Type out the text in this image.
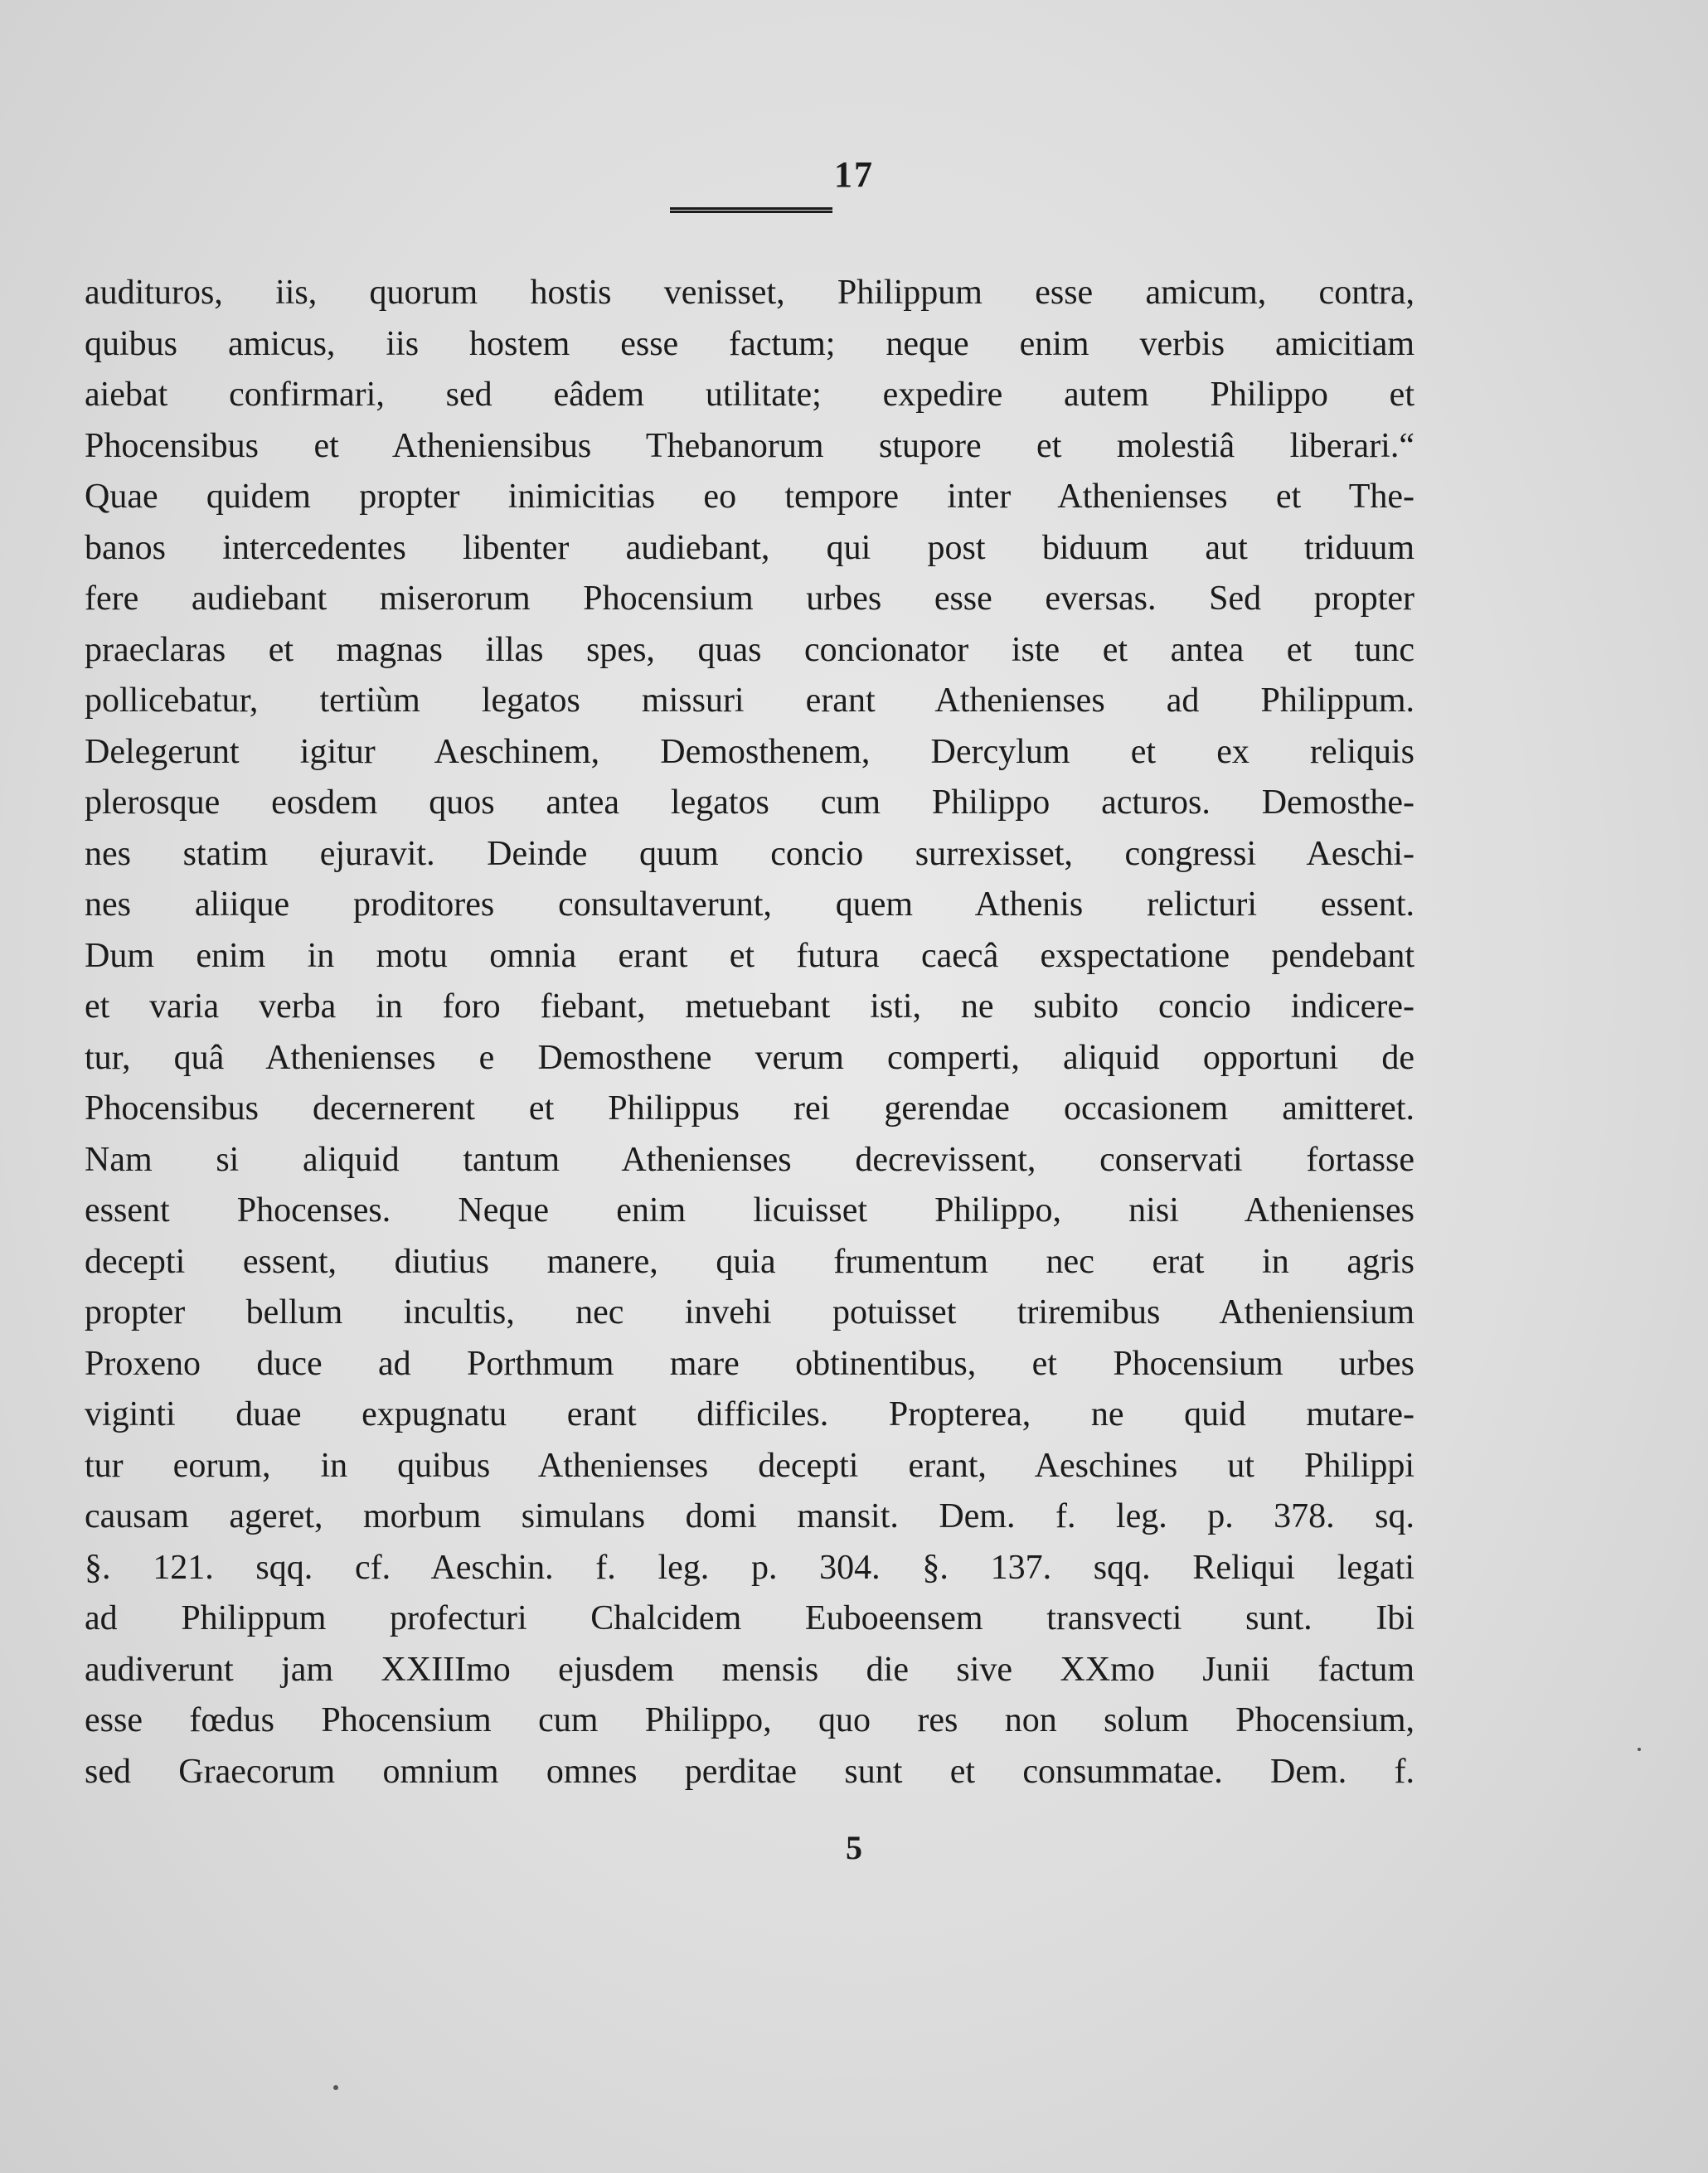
17
audituros, iis, quorum hostis venisset, Philippum esse amicum, contra,
quibus amicus, iis hostem esse factum; neque enim verbis amicitiam
aiebat confirmari, sed eâdem utilitate; expedire autem Philippo et
Phocensibus et Atheniensibus Thebanorum stupore et molestiâ liberari.“
Quae quidem propter inimicitias eo tempore inter Athenienses et The-
banos intercedentes libenter audiebant, qui post biduum aut triduum
fere audiebant miserorum Phocensium urbes esse eversas. Sed propter
praeclaras et magnas illas spes, quas concionator iste et antea et tunc
pollicebatur, tertiùm legatos missuri erant Athenienses ad Philippum.
Delegerunt igitur Aeschinem, Demosthenem, Dercylum et ex reliquis
plerosque eosdem quos antea legatos cum Philippo acturos. Demosthe-
nes statim ejuravit. Deinde quum concio surrexisset, congressi Aeschi-
nes aliique proditores consultaverunt, quem Athenis relicturi essent.
Dum enim in motu omnia erant et futura caecâ exspectatione pendebant
et varia verba in foro fiebant, metuebant isti, ne subito concio indicere-
tur, quâ Athenienses e Demosthene verum comperti, aliquid opportuni de
Phocensibus decernerent et Philippus rei gerendae occasionem amitteret.
Nam si aliquid tantum Athenienses decrevissent, conservati fortasse
essent Phocenses. Neque enim licuisset Philippo, nisi Athenienses
decepti essent, diutius manere, quia frumentum nec erat in agris
propter bellum incultis, nec invehi potuisset triremibus Atheniensium
Proxeno duce ad Porthmum mare obtinentibus, et Phocensium urbes
viginti duae expugnatu erant difficiles. Propterea, ne quid mutare-
tur eorum, in quibus Athenienses decepti erant, Aeschines ut Philippi
causam ageret, morbum simulans domi mansit. Dem. f. leg. p. 378. sq.
§. 121. sqq. cf. Aeschin. f. leg. p. 304. §. 137. sqq. Reliqui legati
ad Philippum profecturi Chalcidem Euboeensem transvecti sunt. Ibi
audiverunt jam XXIIImo ejusdem mensis die sive XXmo Junii factum
esse fœdus Phocensium cum Philippo, quo res non solum Phocensium,
sed Graecorum omnium omnes perditae sunt et consummatae. Dem. f.
5
